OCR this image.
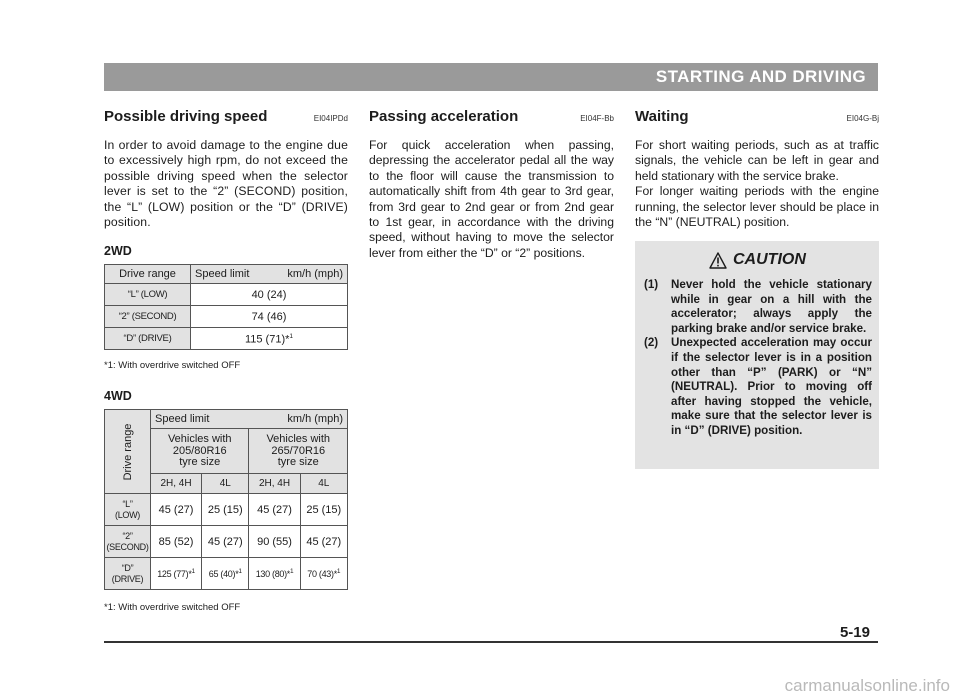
STARTING AND DRIVING
Possible driving speed	EI04IPDd
In order to avoid damage to the engine due to excessively high rpm, do not exceed the possible driving speed when the selector lever is set to the “2” (SECOND) position, the “L” (LOW) position or the “D” (DRIVE) position.
2WD
Drive range	Speed limit km/h (mph)

“L” (LOW)	40 (24)
“2” (SECOND)	74 (46)
“D” (DRIVE)	115 (71)*$^1$
*1: With overdrive switched OFF
4WD
Drive range	Speed limit km/h (mph)			

	Vehicles with 205/80R16 tyre size		Vehicles with 265/70R16 tyre size	
	2H, 4H	4L	2H, 4H	4L
“L”
(LOW)	45 (27)	25 (15)	45 (27)	25 (15)
“2”
(SECOND)	85 (52)	45 (27)	90 (55)	45 (27)
“D”
(DRIVE)	125 (77)*$^1$	65 (40)*$^1$	130 (80)*$^1$	70 (43)*$^1$
*1: With overdrive switched OFF
Passing acceleration	EI04F-Bb
For quick acceleration when passing, depressing the accelerator pedal all the way to the floor will cause the transmission to automatically shift from 4th gear to 3rd gear, from 3rd gear to 2nd gear or from 2nd gear to 1st gear, in accordance with the driving speed, without having to move the selector lever from either the “D” or “2” positions.
Waiting	EI04G-Bj

For short waiting periods, such as at traffic signals, the vehicle can be left in gear and held stationary with the service brake.

For longer waiting periods with the engine running, the selector lever should be place in the “N” (NEUTRAL) position.

CAUTION
(1)	Never hold the vehicle stationary while in gear on a hill with the accelerator; always apply the parking brake and/or service brake.
(2)	Unexpected acceleration may occur if the selector lever is in a position other than “P” (PARK) or “N” (NEUTRAL). Prior to moving off after having stopped the vehicle, make sure that the selector lever is in “D” (DRIVE) position.
5-19
carmanualsonline.info
